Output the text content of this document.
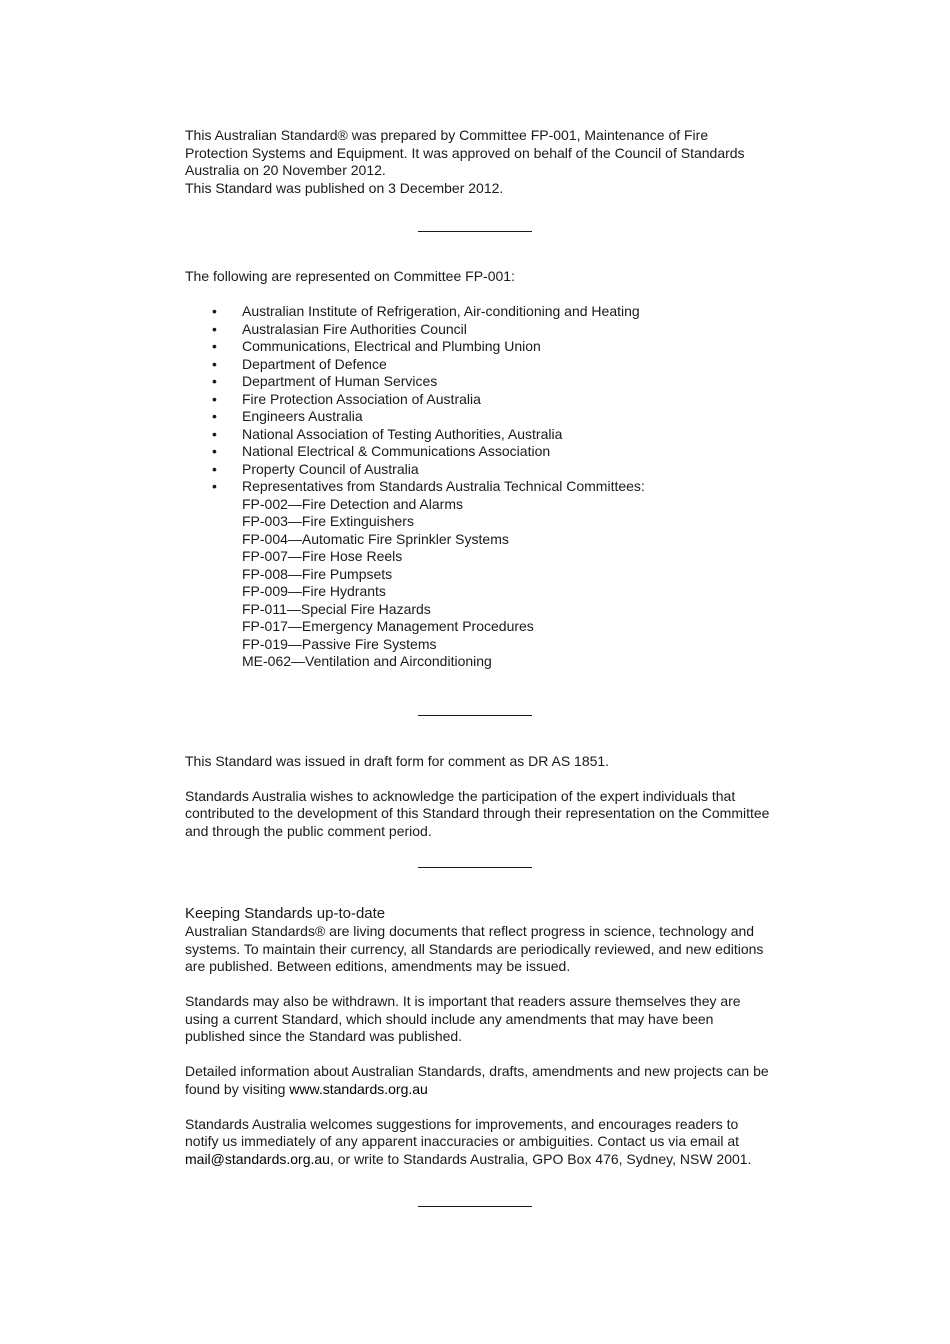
This Australian Standard® was prepared by Committee FP-001, Maintenance of Fire Protection Systems and Equipment. It was approved on behalf of the Council of Standards Australia on 20 November 2012.

This Standard was published on 3 December 2012.

The following are represented on Committee FP-001:

• Australian Institute of Refrigeration, Air-conditioning and Heating
• Australasian Fire Authorities Council
• Communications, Electrical and Plumbing Union
• Department of Defence
• Department of Human Services
• Fire Protection Association of Australia
• Engineers Australia
• National Association of Testing Authorities, Australia
• National Electrical & Communications Association
• Property Council of Australia
• Representatives from Standards Australia Technical Committees:
FP-002—Fire Detection and Alarms
FP-003—Fire Extinguishers
FP-004—Automatic Fire Sprinkler Systems
FP-007—Fire Hose Reels
FP-008—Fire Pumpsets
FP-009—Fire Hydrants
FP-011—Special Fire Hazards
FP-017—Emergency Management Procedures
FP-019—Passive Fire Systems
ME-062—Ventilation and Airconditioning

This Standard was issued in draft form for comment as DR AS 1851.

Standards Australia wishes to acknowledge the participation of the expert individuals that contributed to the development of this Standard through their representation on the Committee and through the public comment period.

Keeping Standards up-to-date

Australian Standards® are living documents that reflect progress in science, technology and systems. To maintain their currency, all Standards are periodically reviewed, and new editions are published. Between editions, amendments may be issued.

Standards may also be withdrawn. It is important that readers assure themselves they are using a current Standard, which should include any amendments that may have been published since the Standard was published.

Detailed information about Australian Standards, drafts, amendments and new projects can be found by visiting www.standards.org.au

Standards Australia welcomes suggestions for improvements, and encourages readers to notify us immediately of any apparent inaccuracies or ambiguities. Contact us via email at mail@standards.org.au, or write to Standards Australia, GPO Box 476, Sydney, NSW 2001.
